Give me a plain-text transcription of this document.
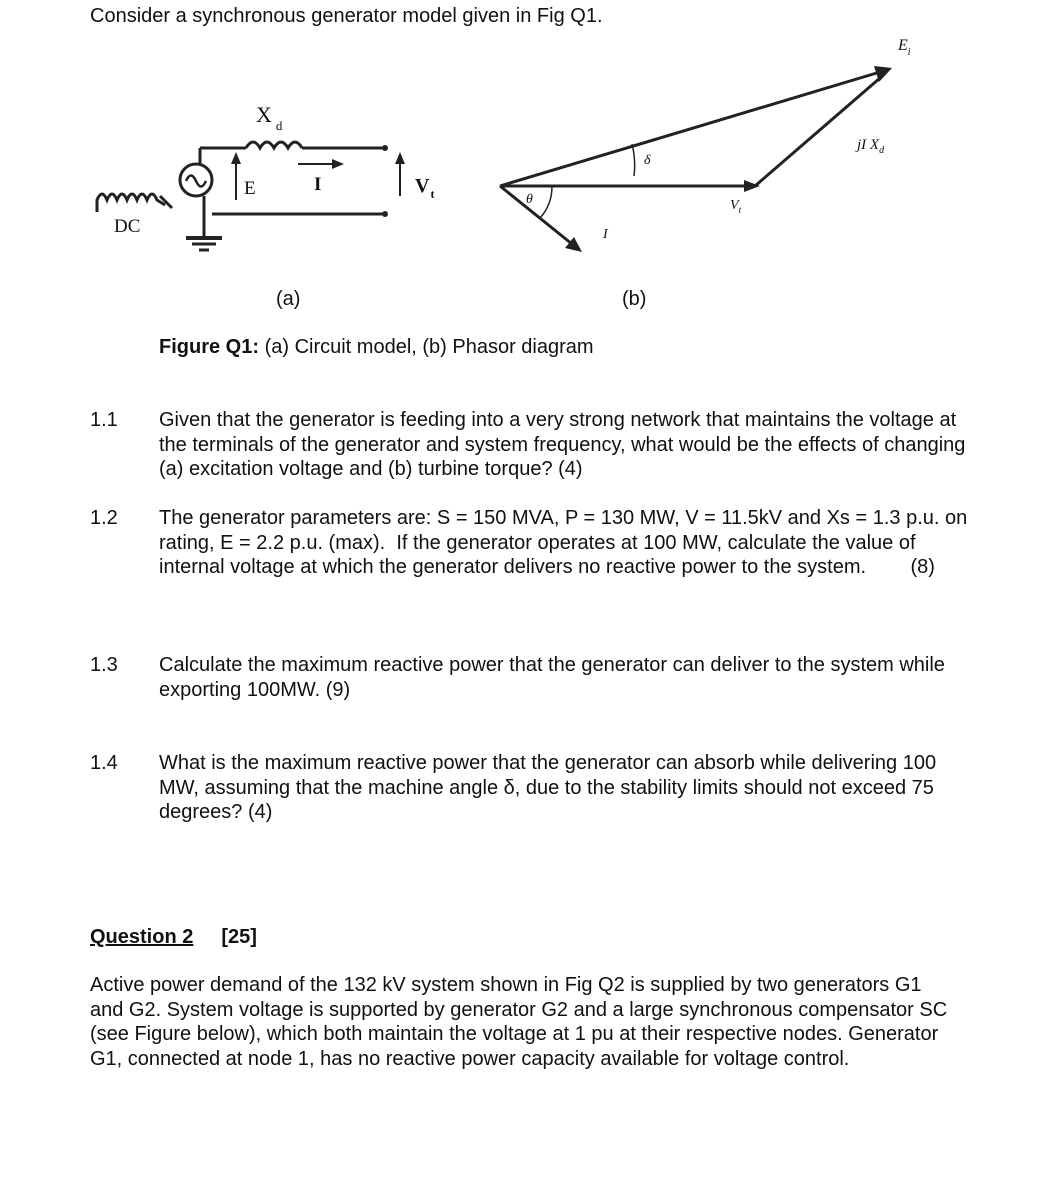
Consider a synchronous generator model given in Fig Q1.
DC
X $_d$
E	I	$V_t$
$E_i$
jI $X_d$
δ
θ	$V_t$
I
(a)	(b)
Figure Q1: (a) Circuit model, (b) Phasor diagram
1.1 Given that the generator is feeding into a very strong network that maintains the voltage at the terminals of the generator and system frequency, what would be the effects of changing (a) excitation voltage and (b) turbine torque? (4)
1.2 The generator parameters are: S = 150 MVA, P = 130 MW, V = 11.5kV and Xs = 1.3 p.u. on rating, E = 2.2 p.u. (max).  If the generator operates at 100 MW, calculate the value of internal voltage at which the generator delivers no reactive power to the system.        (8)
1.3 Calculate the maximum reactive power that the generator can deliver to the system while exporting 100MW. (9)
1.4 What is the maximum reactive power that the generator can absorb while delivering 100 MW, assuming that the machine angle δ, due to the stability limits should not exceed 75 degrees? (4)
Question 2 [25]
Active power demand of the 132 kV system shown in Fig Q2 is supplied by two generators G1 and G2. System voltage is supported by generator G2 and a large synchronous compensator SC (see Figure below), which both maintain the voltage at 1 pu at their respective nodes. Generator G1, connected at node 1, has no reactive power capacity available for voltage control.
